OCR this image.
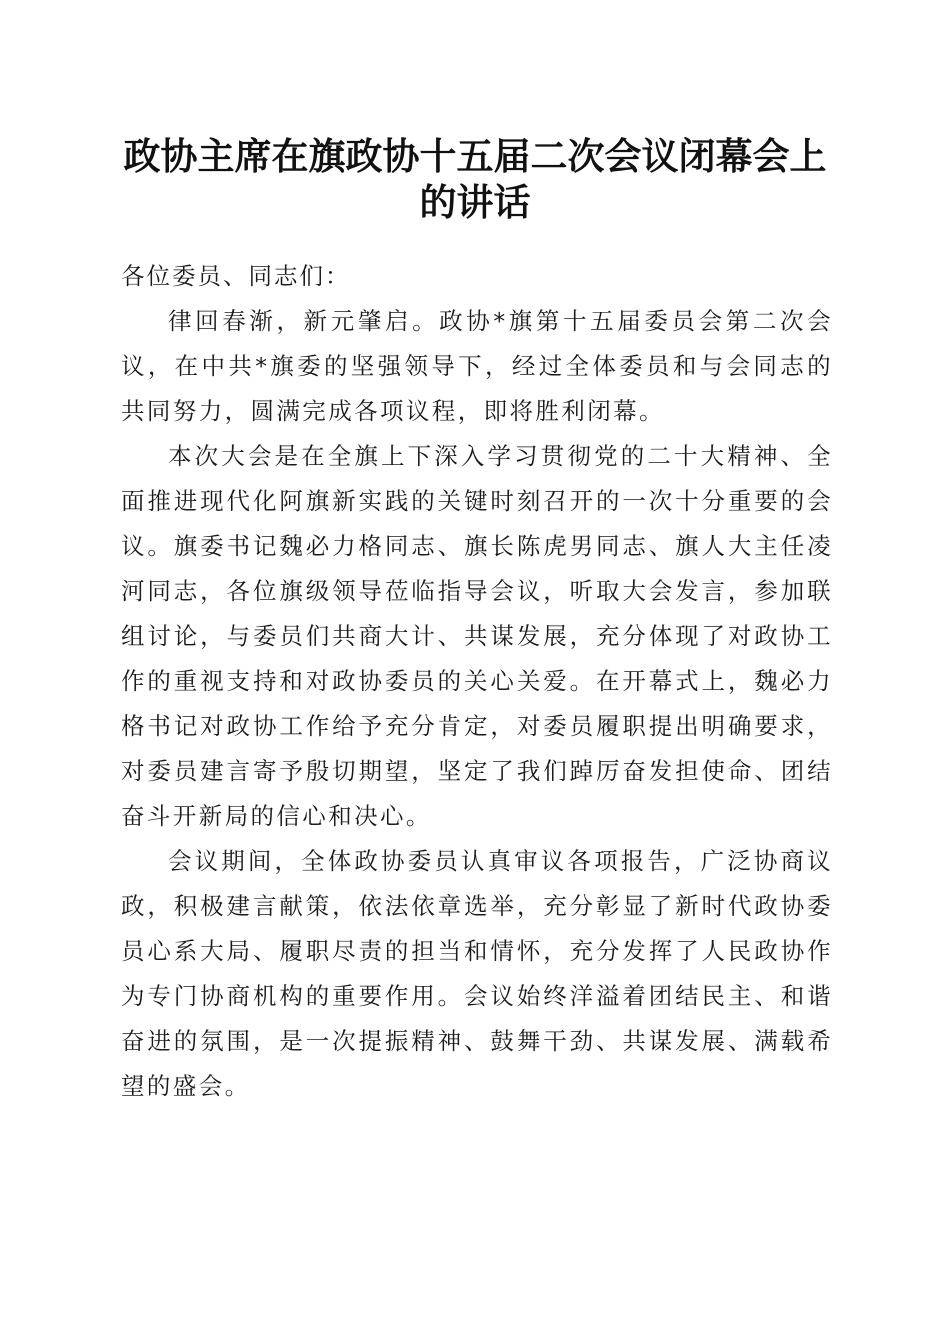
政协主席在旗政协十五届二次会议闭幕会上的讲话

各位委员、同志们：

律回春渐，新元肇启。政协*旗第十五届委员会第二次会议，在中共*旗委的坚强领导下，经过全体委员和与会同志的共同努力，圆满完成各项议程，即将胜利闭幕。

本次大会是在全旗上下深入学习贯彻党的二十大精神、全面推进现代化阿旗新实践的关键时刻召开的一次十分重要的会议。旗委书记魏必力格同志、旗长陈虎男同志、旗人大主任凌河同志，各位旗级领导莅临指导会议，听取大会发言，参加联组讨论，与委员们共商大计、共谋发展，充分体现了对政协工作的重视支持和对政协委员的关心关爱。在开幕式上，魏必力格书记对政协工作给予充分肯定，对委员履职提出明确要求，对委员建言寄予殷切期望，坚定了我们踔厉奋发担使命、团结奋斗开新局的信心和决心。

会议期间，全体政协委员认真审议各项报告，广泛协商议政，积极建言献策，依法依章选举，充分彰显了新时代政协委员心系大局、履职尽责的担当和情怀，充分发挥了人民政协作为专门协商机构的重要作用。会议始终洋溢着团结民主、和谐奋进的氛围，是一次提振精神、鼓舞干劲、共谋发展、满载希望的盛会。
